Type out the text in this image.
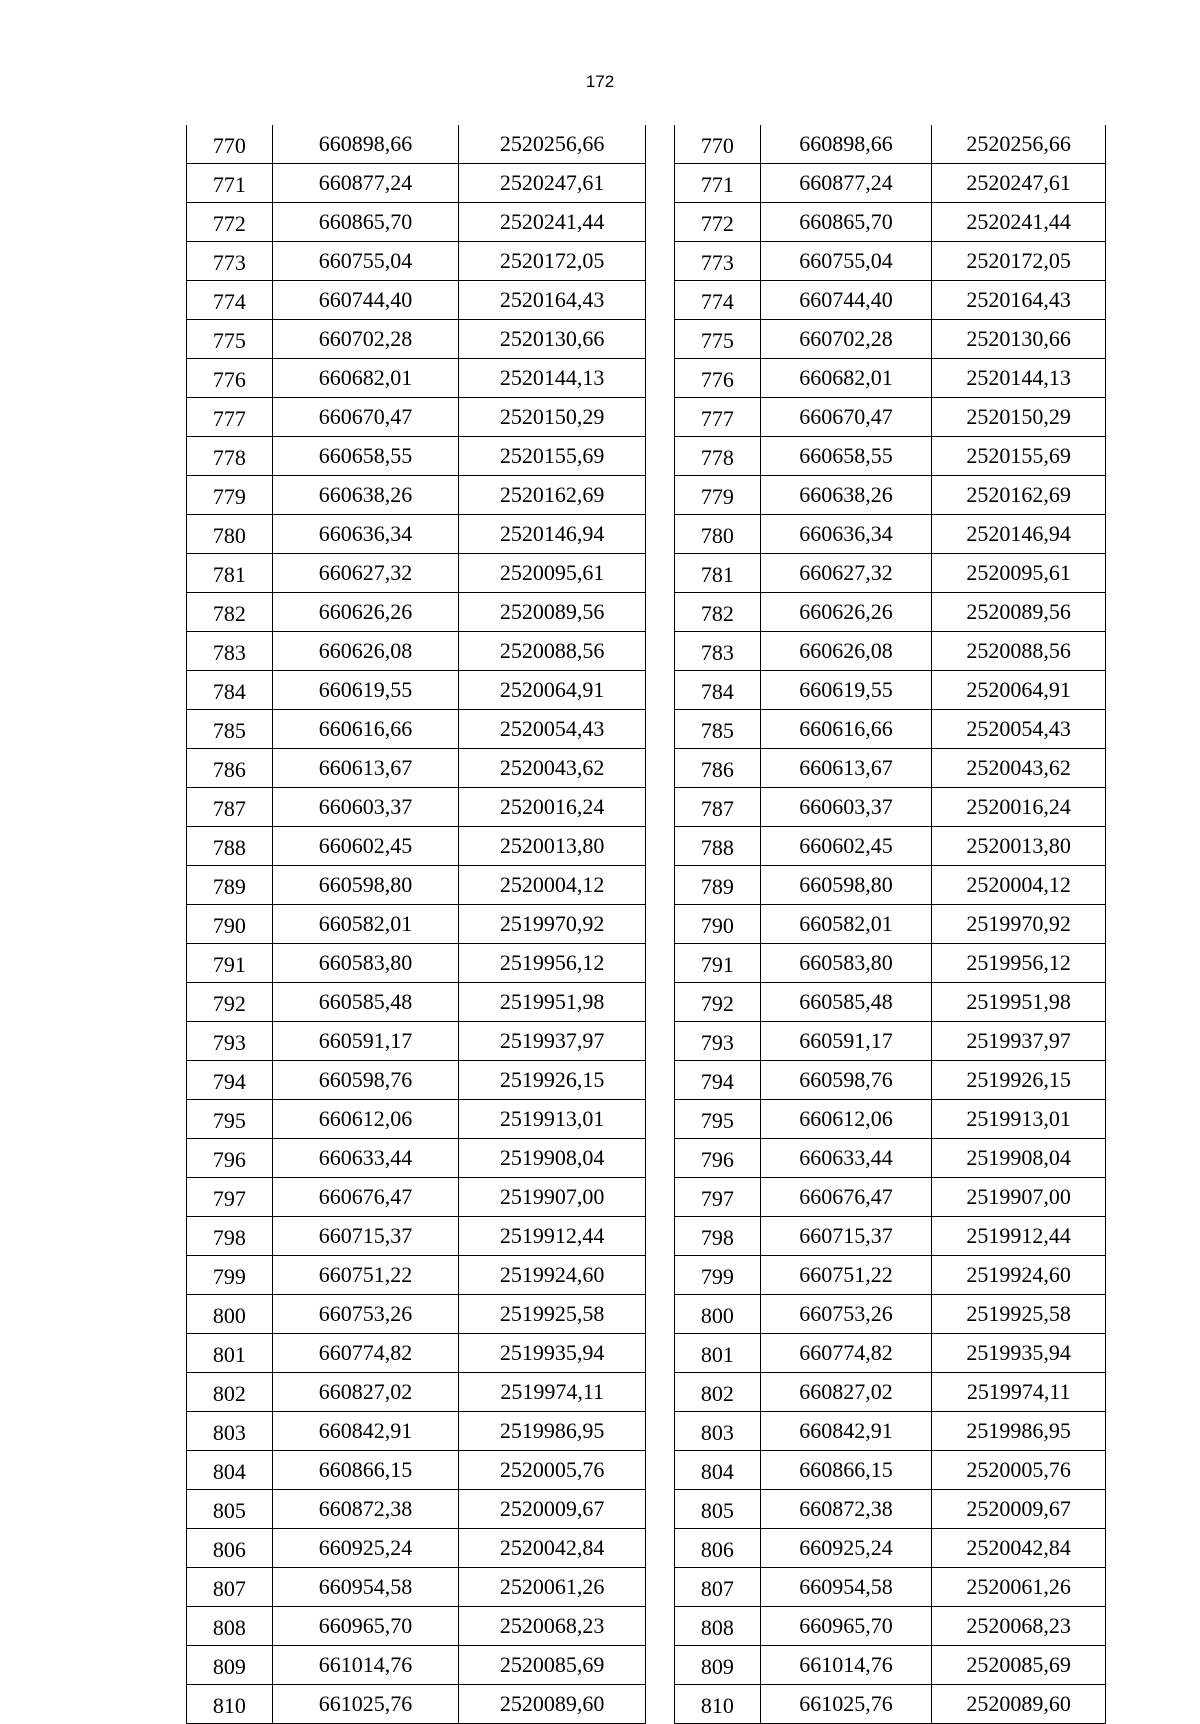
172
770	660898,66	2520256,66
771	660877,24	2520247,61
772	660865,70	2520241,44
773	660755,04	2520172,05
774	660744,40	2520164,43
775	660702,28	2520130,66
776	660682,01	2520144,13
777	660670,47	2520150,29
778	660658,55	2520155,69
779	660638,26	2520162,69
780	660636,34	2520146,94
781	660627,32	2520095,61
782	660626,26	2520089,56
783	660626,08	2520088,56
784	660619,55	2520064,91
785	660616,66	2520054,43
786	660613,67	2520043,62
787	660603,37	2520016,24
788	660602,45	2520013,80
789	660598,80	2520004,12
790	660582,01	2519970,92
791	660583,80	2519956,12
792	660585,48	2519951,98
793	660591,17	2519937,97
794	660598,76	2519926,15
795	660612,06	2519913,01
796	660633,44	2519908,04
797	660676,47	2519907,00
798	660715,37	2519912,44
799	660751,22	2519924,60
800	660753,26	2519925,58
801	660774,82	2519935,94
802	660827,02	2519974,11
803	660842,91	2519986,95
804	660866,15	2520005,76
805	660872,38	2520009,67
806	660925,24	2520042,84
807	660954,58	2520061,26
808	660965,70	2520068,23
809	661014,76	2520085,69
810	661025,76	2520089,60
770	660898,66	2520256,66
771	660877,24	2520247,61
772	660865,70	2520241,44
773	660755,04	2520172,05
774	660744,40	2520164,43
775	660702,28	2520130,66
776	660682,01	2520144,13
777	660670,47	2520150,29
778	660658,55	2520155,69
779	660638,26	2520162,69
780	660636,34	2520146,94
781	660627,32	2520095,61
782	660626,26	2520089,56
783	660626,08	2520088,56
784	660619,55	2520064,91
785	660616,66	2520054,43
786	660613,67	2520043,62
787	660603,37	2520016,24
788	660602,45	2520013,80
789	660598,80	2520004,12
790	660582,01	2519970,92
791	660583,80	2519956,12
792	660585,48	2519951,98
793	660591,17	2519937,97
794	660598,76	2519926,15
795	660612,06	2519913,01
796	660633,44	2519908,04
797	660676,47	2519907,00
798	660715,37	2519912,44
799	660751,22	2519924,60
800	660753,26	2519925,58
801	660774,82	2519935,94
802	660827,02	2519974,11
803	660842,91	2519986,95
804	660866,15	2520005,76
805	660872,38	2520009,67
806	660925,24	2520042,84
807	660954,58	2520061,26
808	660965,70	2520068,23
809	661014,76	2520085,69
810	661025,76	2520089,60
